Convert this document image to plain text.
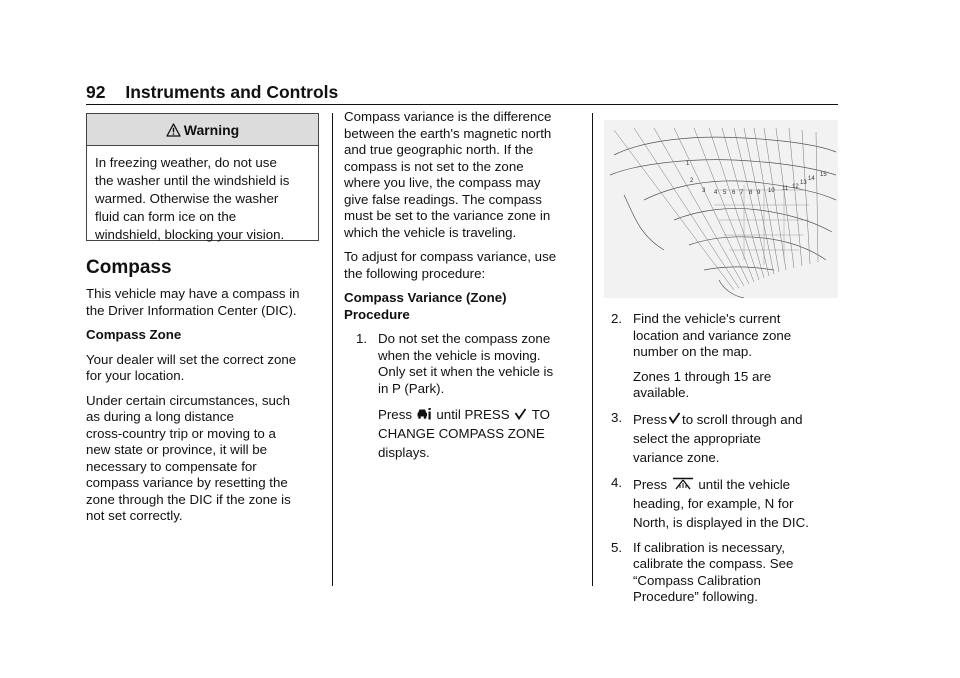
92 Instruments and Controls
Warning
In freezing weather, do not use
the washer until the windshield is
warmed. Otherwise the washer
fluid can form ice on the
windshield, blocking your vision.
Compass
This vehicle may have a compass in
the Driver Information Center (DIC).
Compass Zone
Your dealer will set the correct zone
for your location.
Under certain circumstances, such
as during a long distance
cross-country trip or moving to a
new state or province, it will be
necessary to compensate for
compass variance by resetting the
zone through the DIC if the zone is
not set correctly.
Compass variance is the difference
between the earth's magnetic north
and true geographic north. If the
compass is not set to the zone
where you live, the compass may
give false readings. The compass
must be set to the variance zone in
which the vehicle is traveling.
To adjust for compass variance, use
the following procedure:
Compass Variance (Zone)
Procedure
1. Do not set the compass zone
when the vehicle is moving.
Only set it when the vehicle is
in P (Park).
Press until PRESS TO
CHANGE COMPASS ZONE
displays.
1
2
3 4 5 6 7 8 9 10 11 12
13
14
15
2. Find the vehicle's current
location and variance zone
number on the map.
Zones 1 through 15 are
available.
3. Press to scroll through and
select the appropriate
variance zone.
4. Press until the vehicle
heading, for example, N for
North, is displayed in the DIC.
5. If calibration is necessary,
calibrate the compass. See
“Compass Calibration
Procedure” following.
